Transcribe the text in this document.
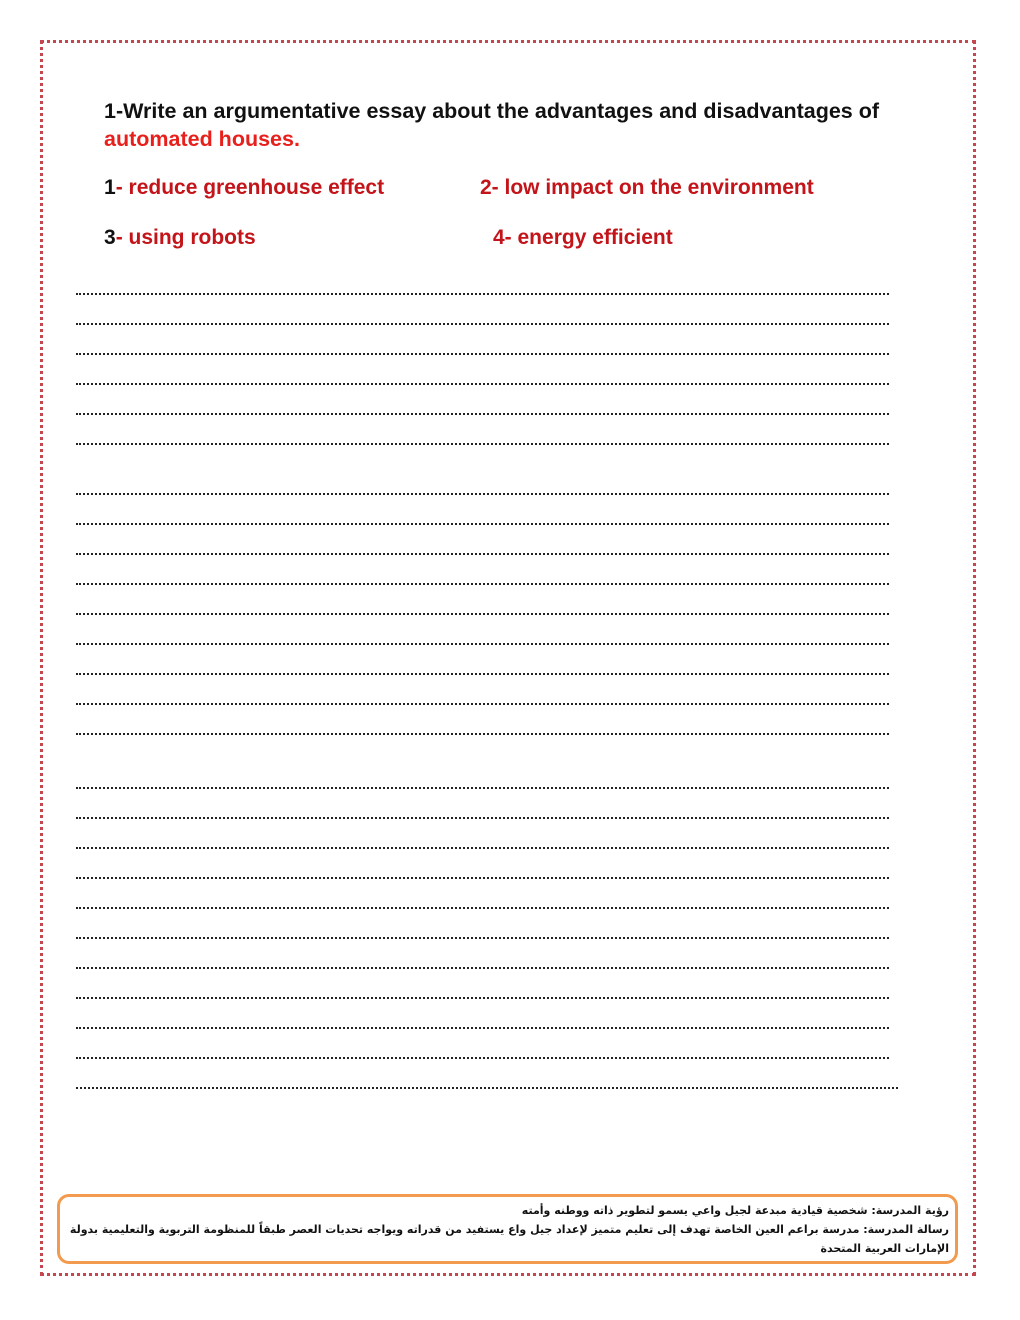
1-Write an argumentative essay about the advantages and disadvantages of automated houses.
1- reduce greenhouse effect	2- low impact on the environment
3- using robots	4- energy efficient
رؤية المدرسة: شخصية قيادية مبدعة لجيل واعي يسمو لتطوير ذاته ووطنه وأمته
رسالة المدرسة: مدرسة براعم العين الخاصة تهدف إلى تعليم متميز لإعداد جيل واع يستفيد من قدراته ويواجه تحديات العصر طبقاً للمنظومة التربوية والتعليمية بدولة
الإمارات العربية المتحدة
